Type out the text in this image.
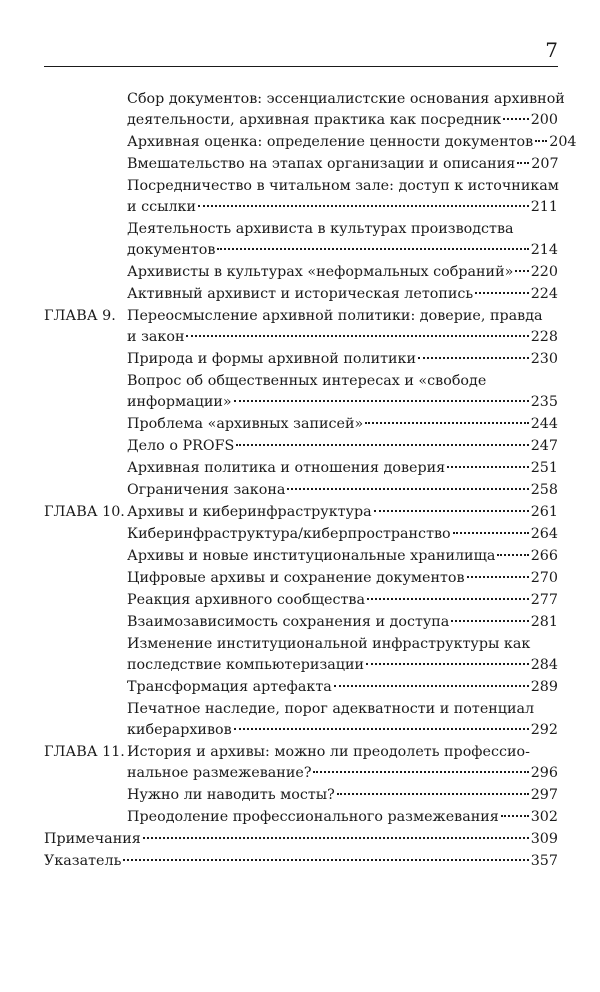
7
Сбор документов: эссенциалистские основания архивной
деятельности, архивная практика как посредник 200
Архивная оценка: определение ценности документов 204
Вмешательство на этапах организации и описания 207
Посредничество в читальном зале: доступ к источникам
и ссылки	211
Деятельность архивиста в культурах производства
документов	214
Архивисты в культурах «неформальных собраний» 220
Активный архивист и историческая летопись	224
ГЛАВА 9. Переосмысление архивной политики: доверие, правда
и закон	228
Природа и формы архивной политики	230
Вопрос об общественных интересах и «свободе
информации»	235
Проблема «архивных записей»	244
Дело о PROFS	247
Архивная политика и отношения доверия	251
Ограничения закона	258
ГЛАВА 10. Архивы и киберинфраструктура	261
Киберинфраструктура/киберпространство	264
Архивы и новые институциональные хранилища 266
Цифровые архивы и сохранение документов	270
Реакция архивного сообщества	277
Взаимозависимость сохранения и доступа	281
Изменение институциональной инфраструктуры как
последствие компьютеризации	284
Трансформация артефакта	289
Печатное наследие, порог адекватности и потенциал
киберархивов	292
ГЛАВА 11. История и архивы: можно ли преодолеть профессио-
нальное размежевание?	296
Нужно ли наводить мосты?	297
Преодоление профессионального размежевания 302
Примечания	309
Указатель	357
